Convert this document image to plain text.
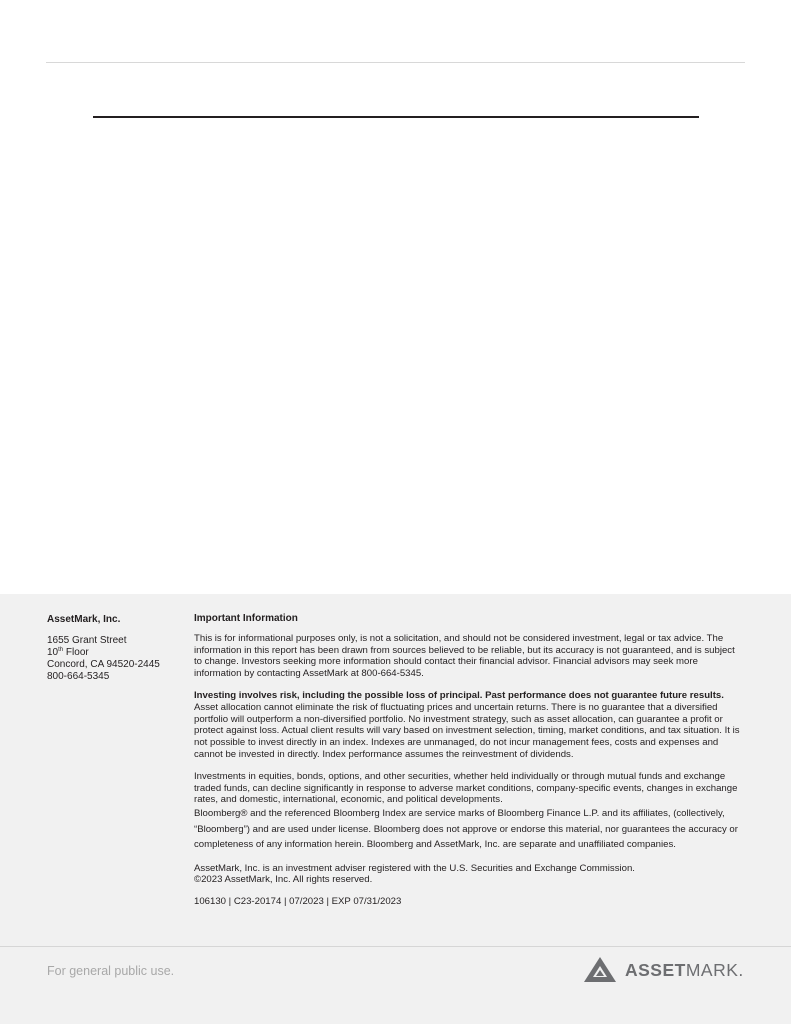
AssetMark, Inc.
1655 Grant Street
10th Floor
Concord, CA 94520-2445
800-664-5345
Important Information

This is for informational purposes only, is not a solicitation, and should not be considered investment, legal or tax advice. The information in this report has been drawn from sources believed to be reliable, but its accuracy is not guaranteed, and is subject to change. Investors seeking more information should contact their financial advisor. Financial advisors may seek more information by contacting AssetMark at 800-664-5345.

Investing involves risk, including the possible loss of principal. Past performance does not guarantee future results. Asset allocation cannot eliminate the risk of fluctuating prices and uncertain returns. There is no guarantee that a diversified portfolio will outperform a non-diversified portfolio. No investment strategy, such as asset allocation, can guarantee a profit or protect against loss. Actual client results will vary based on investment selection, timing, market conditions, and tax situation. It is not possible to invest directly in an index. Indexes are unmanaged, do not incur management fees, costs and expenses and cannot be invested in directly. Index performance assumes the reinvestment of dividends.

Investments in equities, bonds, options, and other securities, whether held individually or through mutual funds and exchange traded funds, can decline significantly in response to adverse market conditions, company-specific events, changes in exchange rates, and domestic, international, economic, and political developments.

Bloomberg® and the referenced Bloomberg Index are service marks of Bloomberg Finance L.P. and its affiliates, (collectively, “Bloomberg”) and are used under license. Bloomberg does not approve or endorse this material, nor guarantees the accuracy or completeness of any information herein. Bloomberg and AssetMark, Inc. are separate and unaffiliated companies.

AssetMark, Inc. is an investment adviser registered with the U.S. Securities and Exchange Commission.
©2023 AssetMark, Inc. All rights reserved.

106130 | C23-20174 | 07/2023 | EXP 07/31/2023

For general public use.	ASSETMARK.
